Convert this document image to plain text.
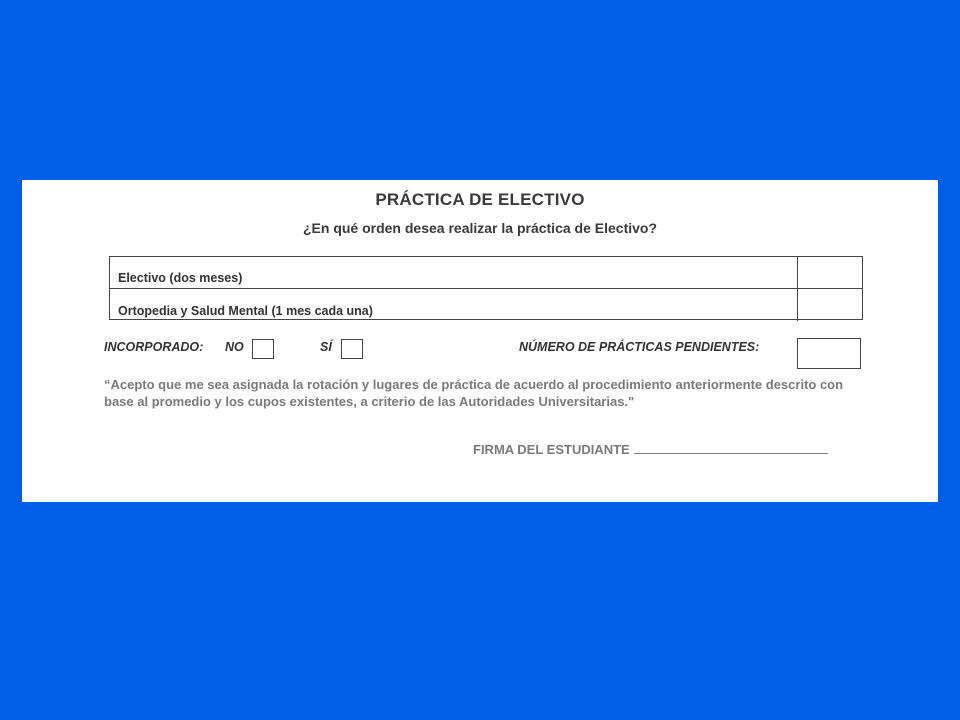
PRÁCTICA DE ELECTIVO
¿En qué orden desea realizar la práctica de Electivo?
Electivo (dos meses)
Ortopedia y Salud Mental (1 mes cada una)
INCORPORADO: NO	SÍ	NÚMERO DE PRÁCTICAS PENDIENTES:
“Acepto que me sea asignada la rotación y lugares de práctica de acuerdo al procedimiento anteriormente descrito con base al promedio y los cupos existentes, a criterio de las Autoridades Universitarias."
FIRMA DEL ESTUDIANTE
